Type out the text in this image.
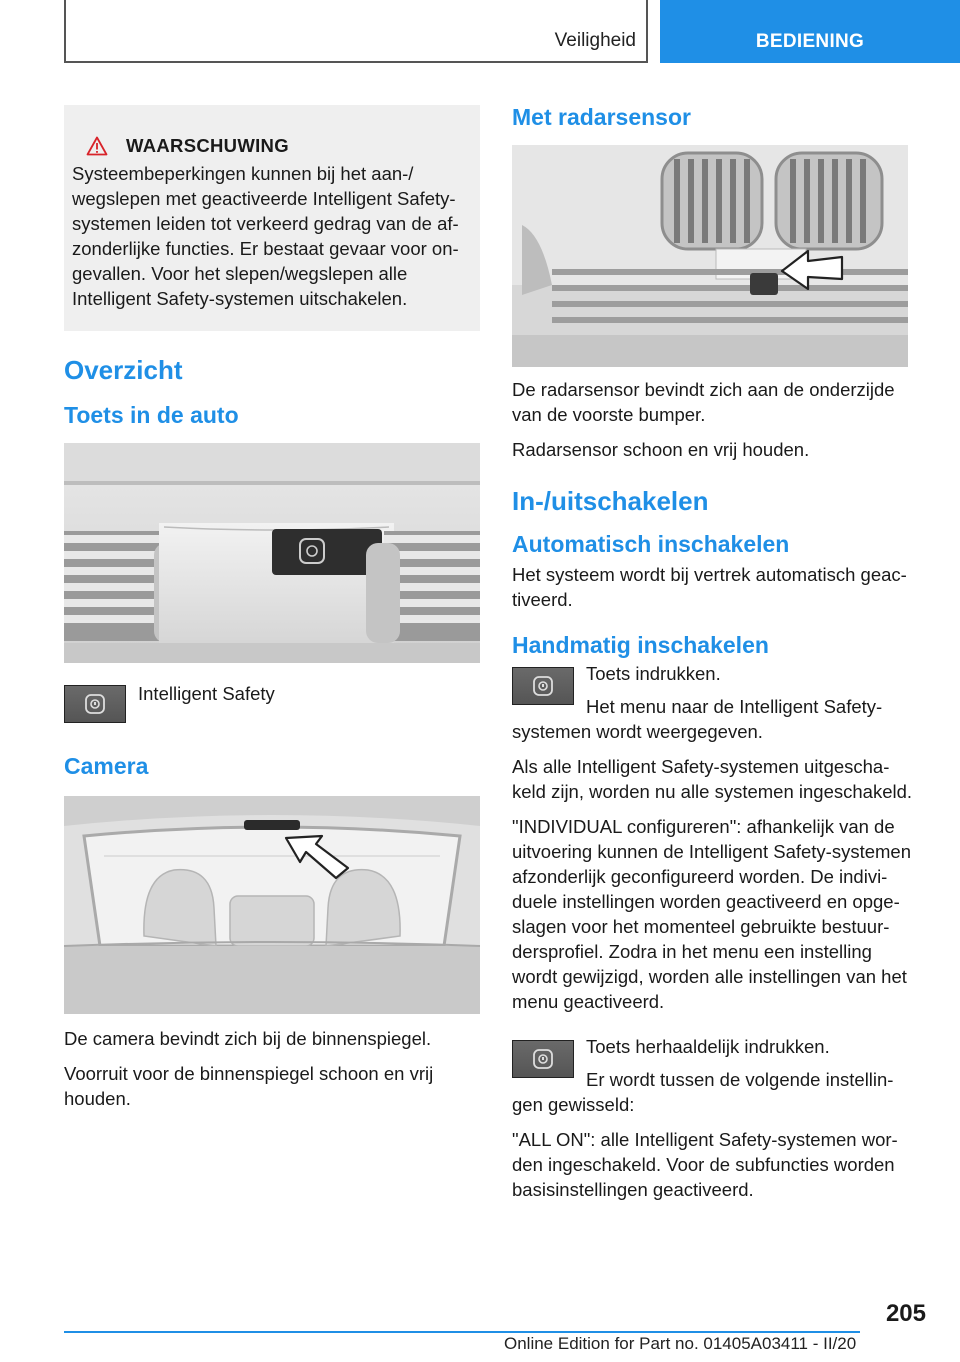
Veiligheid	BEDIENING
WAARSCHUWING

Systeembeperkingen kunnen bij het aan-/
wegslepen met geactiveerde Intelligent Safety-
systemen leiden tot verkeerd gedrag van de af-
zonderlijke functies. Er bestaat gevaar voor on-
gevallen. Voor het slepen/wegslepen alle
Intelligent Safety-systemen uitschakelen.

Overzicht
Toets in de auto
Intelligent Safety
Camera

De camera bevindt zich bij de binnenspiegel.

Voorruit voor de binnenspiegel schoon en vrij
houden.

Met radarsensor

De radarsensor bevindt zich aan de onderzijde
van de voorste bumper.

Radarsensor schoon en vrij houden.

In-/uitschakelen
Automatisch inschakelen

Het systeem wordt bij vertrek automatisch geac-
tiveerd.

Handmatig inschakelen

Toets indrukken.

Het menu naar de Intelligent Safety-

systemen wordt weergegeven.

Als alle Intelligent Safety-systemen uitgescha-
keld zijn, worden nu alle systemen ingeschakeld.

"INDIVIDUAL configureren": afhankelijk van de
uitvoering kunnen de Intelligent Safety-systemen
afzonderlijk geconfigureerd worden. De indivi-
duele instellingen worden geactiveerd en opge-
slagen voor het momenteel gebruikte bestuur-
dersprofiel. Zodra in het menu een instelling
wordt gewijzigd, worden alle instellingen van het
menu geactiveerd.

Toets herhaaldelijk indrukken.

Er wordt tussen de volgende instellin-

gen gewisseld:

"ALL ON": alle Intelligent Safety-systemen wor-
den ingeschakeld. Voor de subfuncties worden
basisinstellingen geactiveerd.

205
Online Edition for Part no. 01405A03411 - II/20
